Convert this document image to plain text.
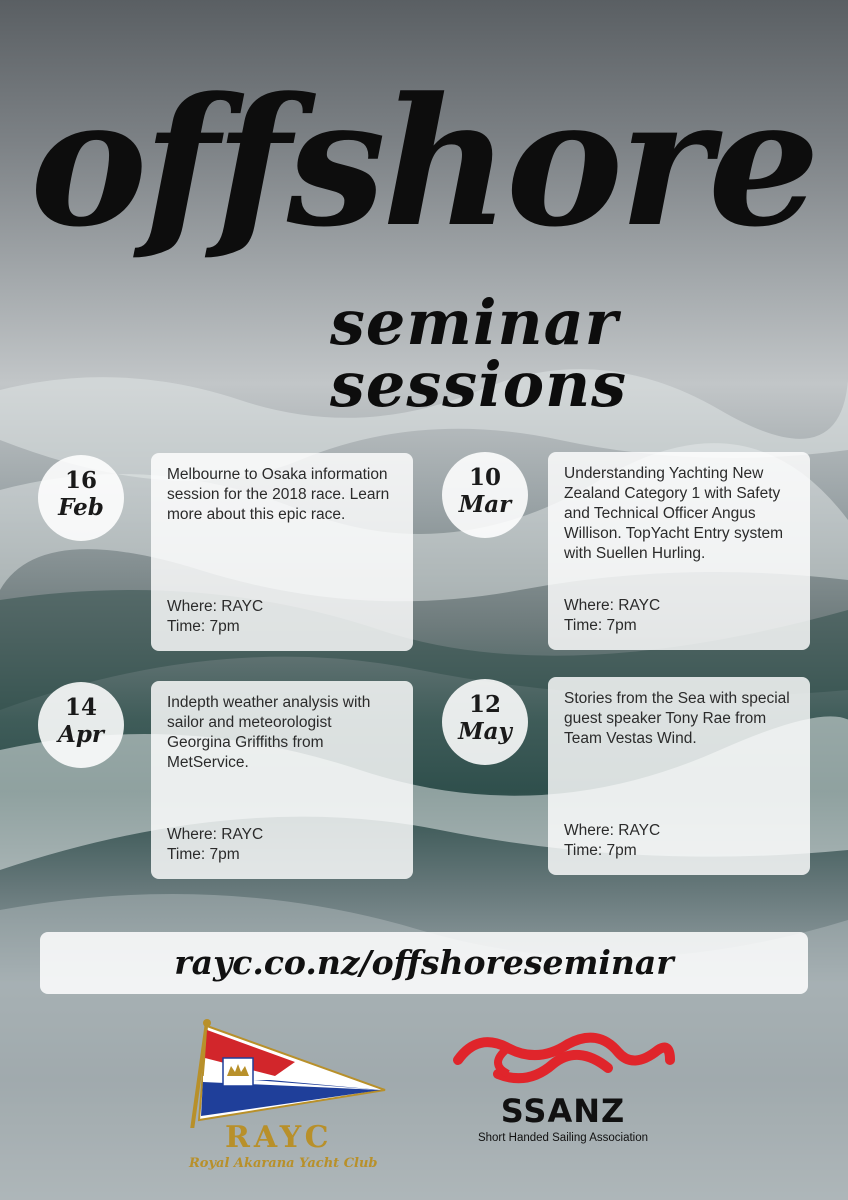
offshore
seminar sessions
Melbourne to Osaka information session for the 2018 race. Learn more about this epic race.
Where: RAYC
Time: 7pm
16
Feb
Understanding Yachting New Zealand Category 1 with Safety and Technical Officer Angus Willison. TopYacht Entry system with Suellen Hurling.
Where: RAYC
Time: 7pm
10
Mar
Indepth weather analysis with sailor and meteorologist Georgina Griffiths from MetService.
Where: RAYC
Time: 7pm
14
Apr
Stories from the Sea with special guest speaker Tony Rae from Team Vestas Wind.
Where: RAYC
Time: 7pm
12
May
rayc.co.nz/offshoreseminar
RAYC
Royal Akarana Yacht Club
SSANZ
Short Handed Sailing Association
